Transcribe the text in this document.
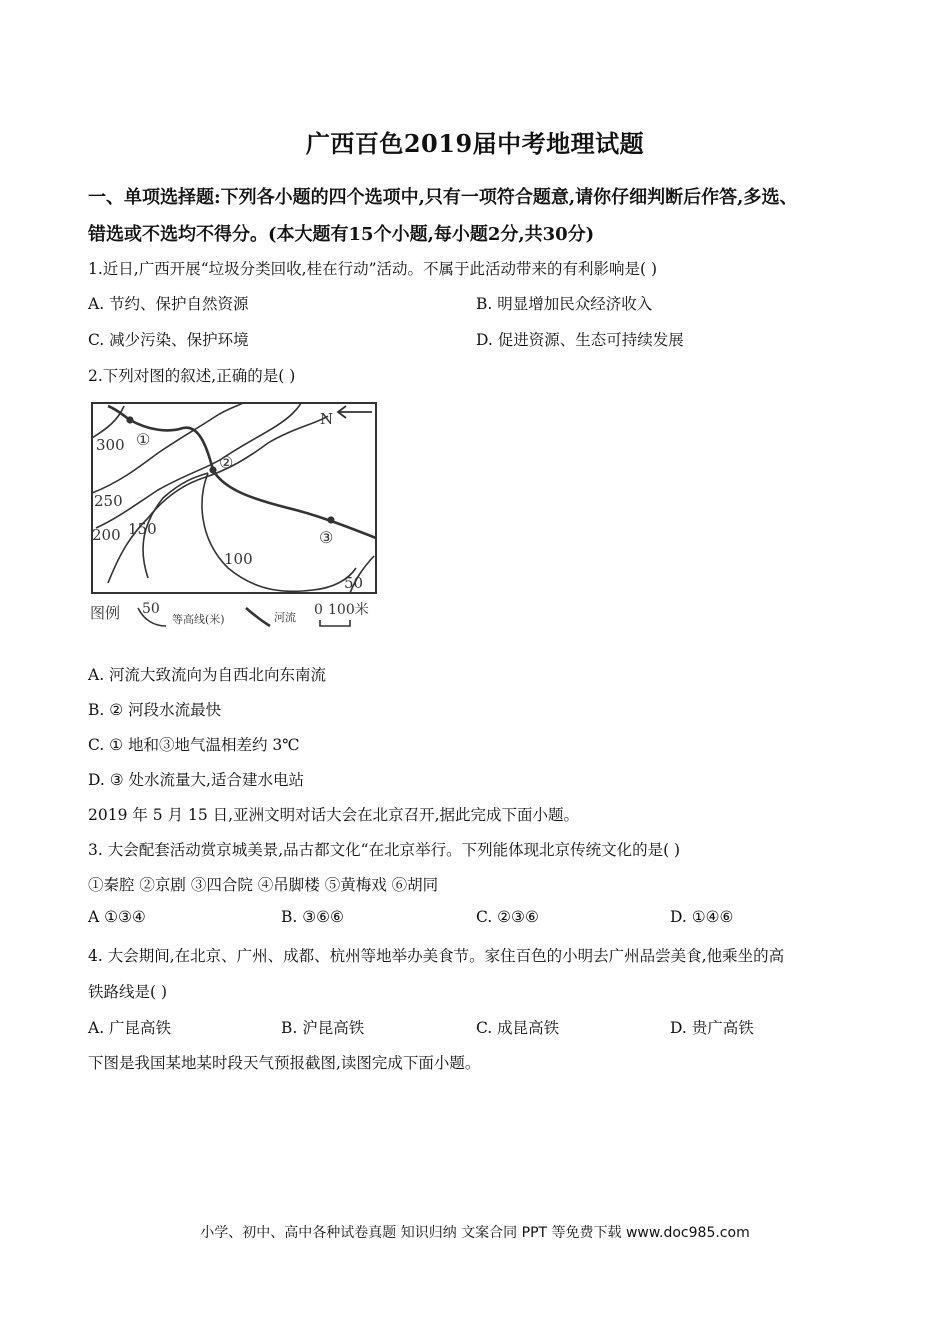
广西百色2019届中考地理试题
一、单项选择题:下列各小题的四个选项中,只有一项符合题意,请你仔细判断后作答,多选、
错选或不选均不得分。(本大题有15个小题,每小题2分,共30分)
1.近日,广西开展“垃圾分类回收,桂在行动”活动。不属于此活动带来的有利影响是( )
A. 节约、保护自然资源	B. 明显增加民众经济收入
C. 减少污染、保护环境	D. 促进资源、生态可持续发展
2.下列对图的叙述,正确的是( )
N
①
②
③
300
250
200 150
100
50
图例 50
等高线(米)	河流 0 100米
A. 河流大致流向为自西北向东南流
B. ② 河段水流最快
C. ① 地和③地气温相差约 3℃
D. ③ 处水流量大,适合建水电站
2019 年 5 月 15 日,亚洲文明对话大会在北京召开,据此完成下面小题。
3. 大会配套活动赏京城美景,品古都文化“在北京举行。下列能体现北京传统文化的是( )
①秦腔 ②京剧 ③四合院 ④吊脚楼 ⑤黄梅戏 ⑥胡同
A ①③④	B. ③⑥⑥	C. ②③⑥	D. ①④⑥
4. 大会期间,在北京、广州、成都、杭州等地举办美食节。家住百色的小明去广州品尝美食,他乘坐的高
铁路线是( )
A. 广昆高铁	B. 沪昆高铁	C. 成昆高铁	D. 贵广高铁
下图是我国某地某时段天气预报截图,读图完成下面小题。
小学、初中、高中各种试卷真题 知识归纳 文案合同 PPT 等免费下载 www.doc985.com
